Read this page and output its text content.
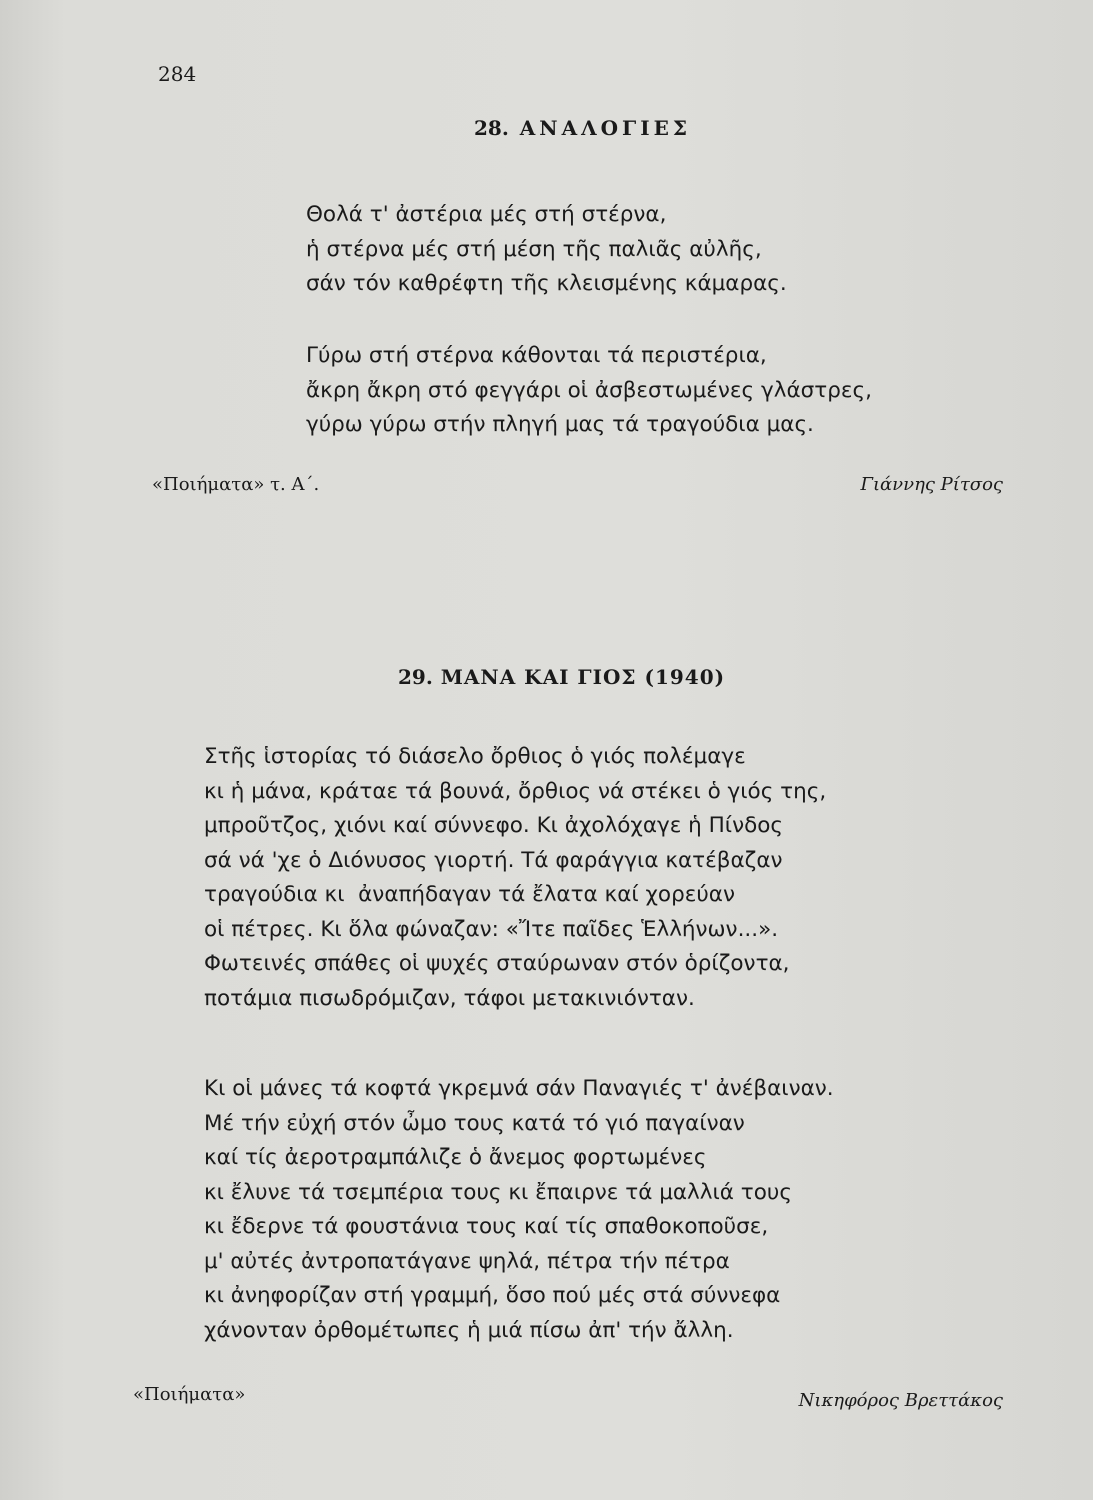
284
28. ΑΝΑΛΟΓΙΕΣ

Θολά τ' ἀστέρια μές στή στέρνα,

ἡ στέρνα μές στή μέση τῆς παλιᾶς αὐλῆς,

σάν τόν καθρέφτη τῆς κλεισμένης κάμαρας.

Γύρω στή στέρνα κάθονται τά περιστέρια,

ἄκρη ἄκρη στό φεγγάρι οἱ ἀσβεστωμένες γλάστρες,

γύρω γύρω στήν πληγή μας τά τραγούδια μας.

«Ποιήματα» τ. Α΄.	Γιάννης Ρίτσος
29. ΜΑΝΑ ΚΑΙ ΓΙΟΣ (1940)

Στῆς ἱστορίας τό διάσελο ὄρθιος ὁ γιός πολέμαγε

κι ἡ μάνα, κράταε τά βουνά, ὄρθιος νά στέκει ὁ γιός της,

μπροῦτζος, χιόνι καί σύννεφο. Κι ἀχολόχαγε ἡ Πίνδος

σά νά 'χε ὁ Διόνυσος γιορτή. Τά φαράγγια κατέβαζαν

τραγούδια κι  ἀναπήδαγαν τά ἔλατα καί χορεύαν

οἱ πέτρες. Κι ὅλα φώναζαν: «Ἴτε παῖδες Ἑλλήνων...».

Φωτεινές σπάθες οἱ ψυχές σταύρωναν στόν ὁρίζοντα,

ποτάμια πισωδρόμιζαν, τάφοι μετακινιόνταν.

Κι οἱ μάνες τά κοφτά γκρεμνά σάν Παναγιές τ' ἀνέβαιναν.

Μέ τήν εὐχή στόν ὦμο τους κατά τό γιό παγαίναν

καί τίς ἀεροτραμπάλιζε ὁ ἄνεμος φορτωμένες

κι ἔλυνε τά τσεμπέρια τους κι ἔπαιρνε τά μαλλιά τους

κι ἔδερνε τά φουστάνια τους καί τίς σπαθοκοποῦσε,

μ' αὐτές ἀντροπατάγανε ψηλά, πέτρα τήν πέτρα

κι ἀνηφορίζαν στή γραμμή, ὅσο πού μές στά σύννεφα

χάνονταν ὀρθομέτωπες ἡ μιά πίσω ἀπ' τήν ἄλλη.

«Ποιήματα»	Νικηφόρος Βρεττάκος
